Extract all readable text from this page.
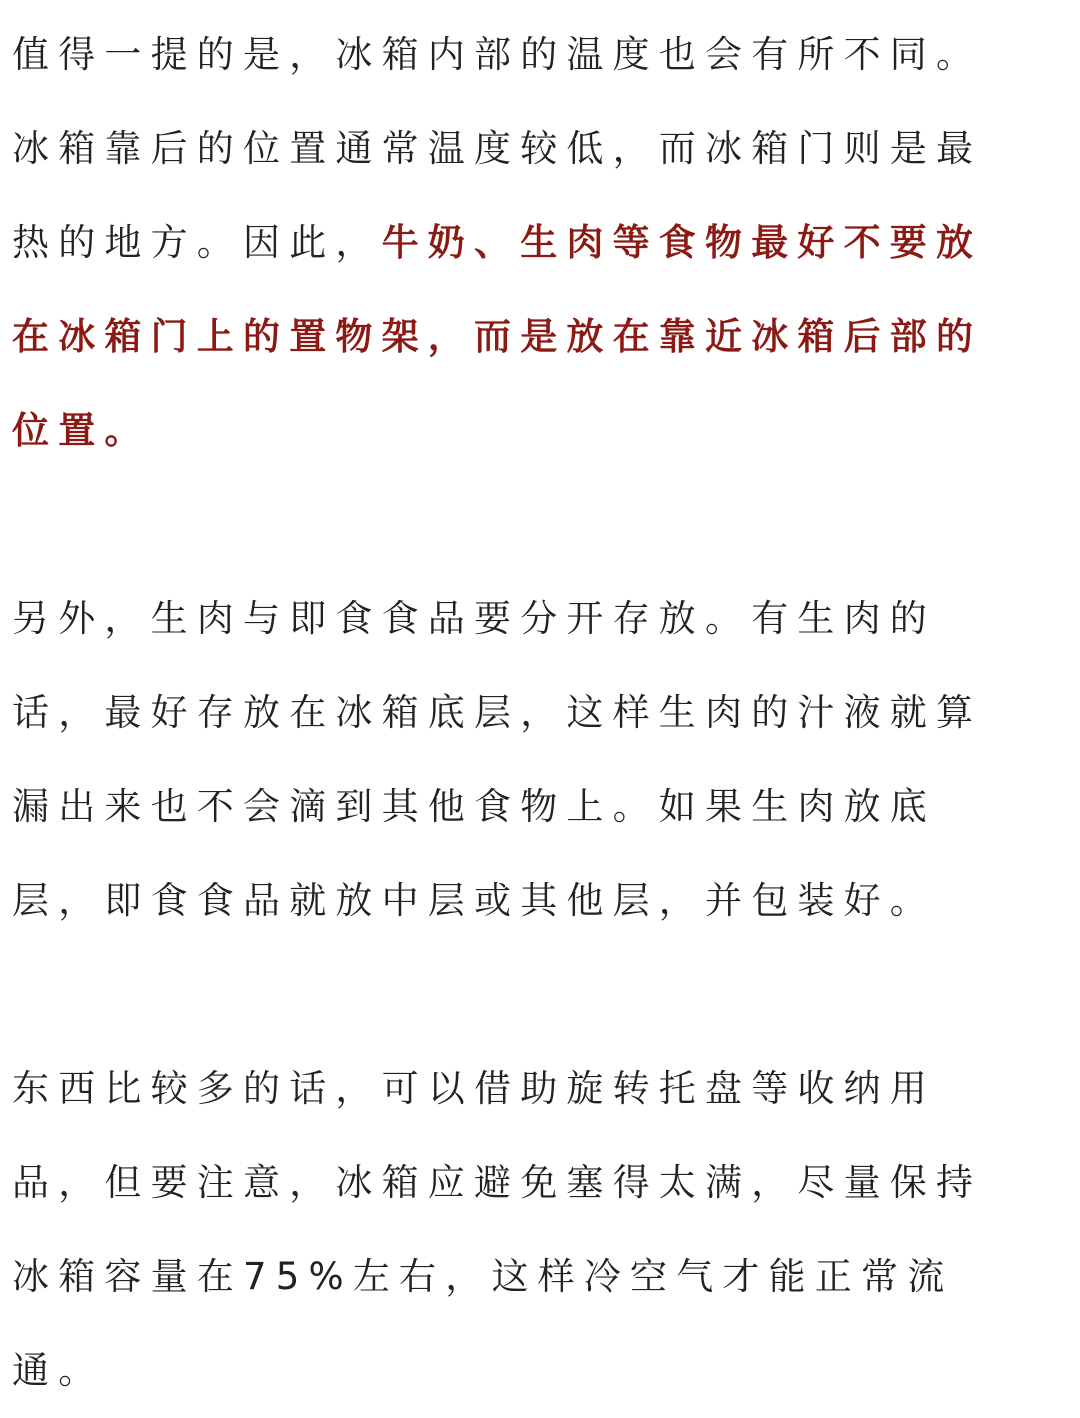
值得一提的是，冰箱内部的温度也会有所不同。冰箱靠后的位置通常温度较低，而冰箱门则是最热的地方。因此，牛奶、生肉等食物最好不要放在冰箱门上的置物架，而是放在靠近冰箱后部的位置。

另外，生肉与即食食品要分开存放。有生肉的话，最好存放在冰箱底层，这样生肉的汁液就算漏出来也不会滴到其他食物上。如果生肉放底层，即食食品就放中层或其他层，并包装好。

东西比较多的话，可以借助旋转托盘等收纳用品，但要注意，冰箱应避免塞得太满，尽量保持冰箱容量在75%左右，这样冷空气才能正常流通。
